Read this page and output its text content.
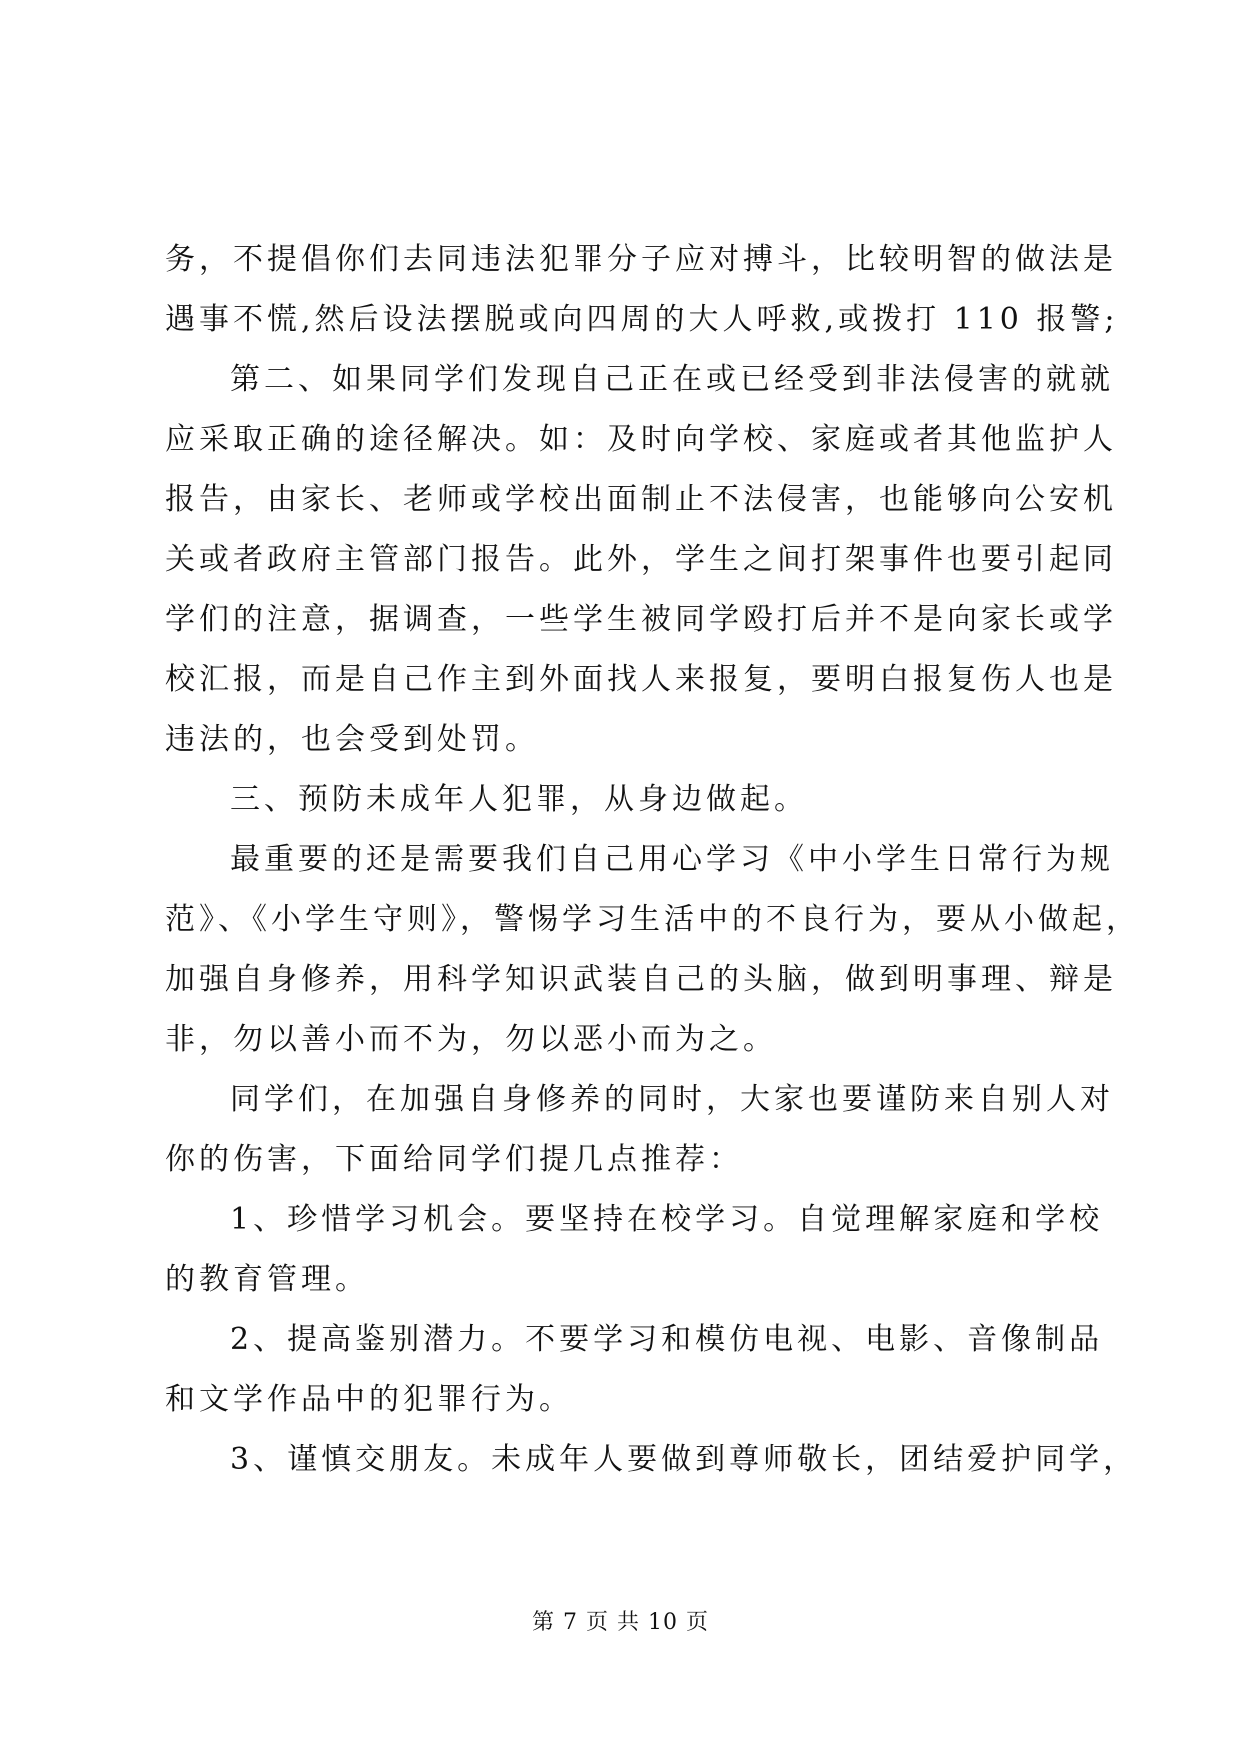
务，不提倡你们去同违法犯罪分子应对搏斗，比较明智的做法是
遇事不慌,然后设法摆脱或向四周的大人呼救,或拨打 110 报警;
第二、如果同学们发现自己正在或已经受到非法侵害的就就
应采取正确的途径解决。如：及时向学校、家庭或者其他监护人
报告，由家长、老师或学校出面制止不法侵害，也能够向公安机
关或者政府主管部门报告。此外，学生之间打架事件也要引起同
学们的注意，据调查，一些学生被同学殴打后并不是向家长或学
校汇报，而是自己作主到外面找人来报复，要明白报复伤人也是
违法的，也会受到处罚。
三、预防未成年人犯罪，从身边做起。
最重要的还是需要我们自己用心学习《中小学生日常行为规
范》、《小学生守则》，警惕学习生活中的不良行为，要从小做起，
加强自身修养，用科学知识武装自己的头脑，做到明事理、辩是
非，勿以善小而不为，勿以恶小而为之。
同学们，在加强自身修养的同时，大家也要谨防来自别人对
你的伤害，下面给同学们提几点推荐：
1、珍惜学习机会。要坚持在校学习。自觉理解家庭和学校
的教育管理。
2、提高鉴别潜力。不要学习和模仿电视、电影、音像制品
和文学作品中的犯罪行为。
3、谨慎交朋友。未成年人要做到尊师敬长，团结爱护同学，
第 7 页 共 10 页
